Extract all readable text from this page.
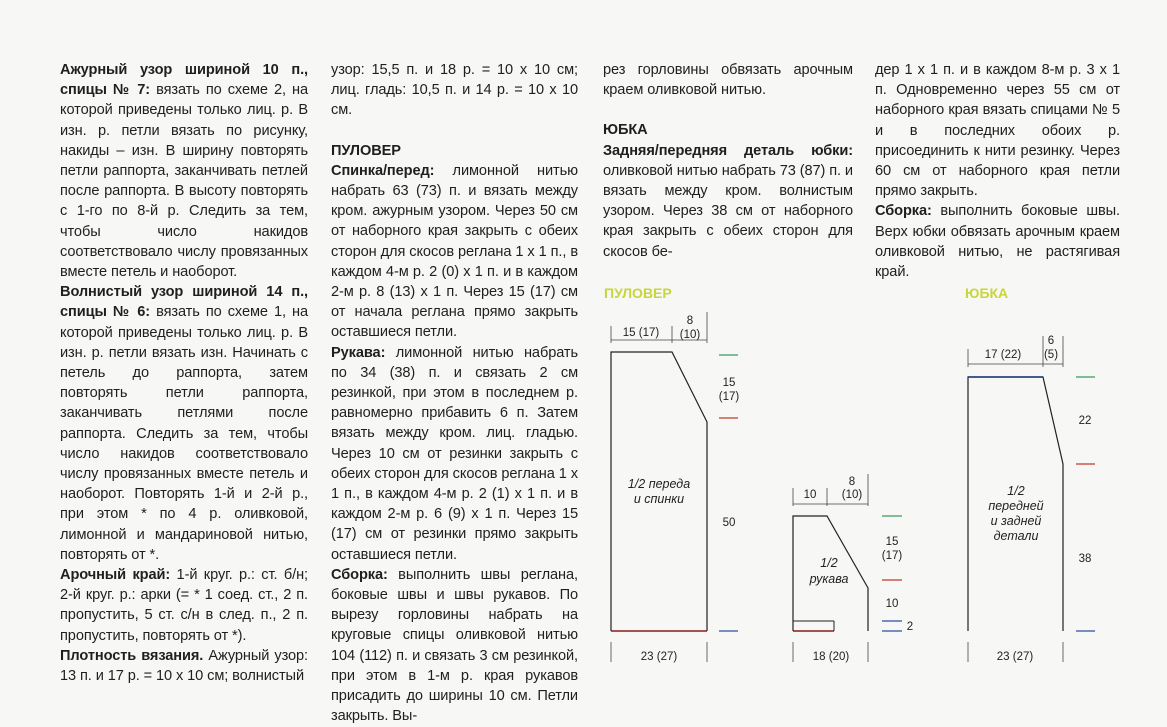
Ажурный узор шириной 10 п., спицы № 7: вязать по схеме 2, на которой приведены только лиц. р. В изн. р. петли вязать по рисунку, накиды – изн. В ширину повторять петли раппорта, заканчивать петлей после раппорта. В высоту повторять с 1-го по 8-й р. Следить за тем, чтобы число накидов соответствовало числу провязанных вместе петель и наоборот.

Волнистый узор шириной 14 п., спицы № 6: вязать по схеме 1, на которой приведены только лиц. р. В изн. р. петли вязать изн. Начинать с петель до раппорта, затем повторять петли раппорта, заканчивать петлями после раппорта. Следить за тем, чтобы число накидов соответствовало числу провязанных вместе петель и наоборот. Повторять 1-й и 2-й р., при этом * по 4 р. оливковой, лимонной и мандариновой нитью, повторять от *.

Арочный край: 1-й круг. р.: ст. б/н; 2-й круг. р.: арки (= * 1 соед. ст., 2 п. пропустить, 5 ст. с/н в след. п., 2 п. пропустить, повторять от *).

Плотность вязания. Ажурный узор: 13 п. и 17 р. = 10 х 10 см; волнистый

узор: 15,5 п. и 18 р. = 10 х 10 см; лиц. гладь: 10,5 п. и 14 р. = 10 х 10 см.

ПУЛОВЕР

Спинка/перед: лимонной нитью набрать 63 (73) п. и вязать между кром. ажурным узором. Через 50 см от наборного края закрыть с обеих сторон для скосов реглана 1 х 1 п., в каждом 4-м р. 2 (0) х 1 п. и в каждом 2-м р. 8 (13) х 1 п. Через 15 (17) см от начала реглана прямо закрыть оставшиеся петли.

Рукава: лимонной нитью набрать по 34 (38) п. и связать 2 см резинкой, при этом в последнем р. равномерно прибавить 6 п. Затем вязать между кром. лиц. гладью. Через 10 см от резинки закрыть с обеих сторон для скосов реглана 1 х 1 п., в каждом 4-м р. 2 (1) х 1 п. и в каждом 2-м р. 6 (9) х 1 п. Через 15 (17) см от резинки прямо закрыть оставшиеся петли.

Сборка: выполнить швы реглана, боковые швы и швы рукавов. По вырезу горловины набрать на круговые спицы оливковой нитью 104 (112) п. и связать 3 см резинкой, при этом в 1-м р. края рукавов присадить до ширины 10 см. Петли закрыть. Вы-

рез горловины обвязать арочным краем оливковой нитью.

ЮБКА

Задняя/передняя деталь юбки: оливковой нитью набрать 73 (87) п. и вязать между кром. волнистым узором. Через 38 см от наборного края закрыть с обеих сторон для скосов бе-

дер 1 х 1 п. и в каждом 8-м р. 3 х 1 п. Одновременно через 55 см от наборного края вязать спицами № 5 и в последних обоих р. присоединить к нити резинку. Через 60 см от наборного края петли прямо закрыть.

Сборка: выполнить боковые швы. Верх юбки обвязать арочным краем оливковой нитью, не растягивая край.

ПУЛОВЕР	ЮБКА
15 (17)
8
(10)
15
(17)
50
23 (27)
1/2 переда
и спинки	10
8
(10)
15
(17)
10
2
18 (20)
1/2
рукава
17 (22)
6
(5)
22
38
23 (27)
1/2
передней
и задней
детали
